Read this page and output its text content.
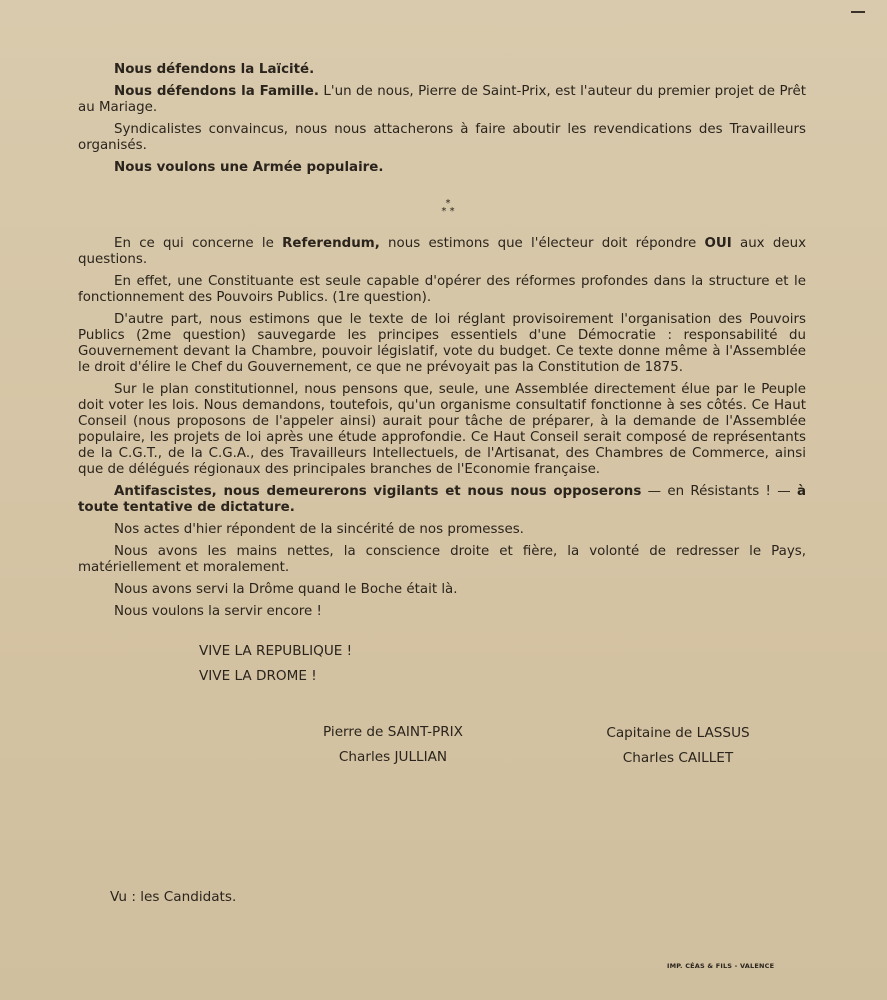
Nous défendons la Laïcité.

Nous défendons la Famille. L'un de nous, Pierre de Saint-Prix, est l'auteur du premier projet de Prêt au Mariage.

Syndicalistes convaincus, nous nous attacherons à faire aboutir les revendications des Travailleurs organisés.

Nous voulons une Armée populaire.

*
* *

En ce qui concerne le Referendum, nous estimons que l'électeur doit répondre OUI aux deux questions.

En effet, une Constituante est seule capable d'opérer des réformes profondes dans la structure et le fonctionnement des Pouvoirs Publics. (1re question).

D'autre part, nous estimons que le texte de loi réglant provisoirement l'organisation des Pouvoirs Publics (2me question) sauvegarde les principes essentiels d'une Démocratie : responsabilité du Gouvernement devant la Chambre, pouvoir législatif, vote du budget. Ce texte donne même à l'Assemblée le droit d'élire le Chef du Gouvernement, ce que ne prévoyait pas la Constitution de 1875.

Sur le plan constitutionnel, nous pensons que, seule, une Assemblée directement élue par le Peuple doit voter les lois. Nous demandons, toutefois, qu'un organisme consultatif fonctionne à ses côtés. Ce Haut Conseil (nous proposons de l'appeler ainsi) aurait pour tâche de préparer, à la demande de l'Assemblée populaire, les projets de loi après une étude approfondie. Ce Haut Conseil serait composé de représentants de la C.G.T., de la C.G.A., des Travailleurs Intellectuels, de l'Artisanat, des Chambres de Commerce, ainsi que de délégués régionaux des principales branches de l'Economie française.

Antifascistes, nous demeurerons vigilants et nous nous opposerons — en Résistants ! — à toute tentative de dictature.

Nos actes d'hier répondent de la sincérité de nos promesses.

Nous avons les mains nettes, la conscience droite et fière, la volonté de redresser le Pays, matériellement et moralement.

Nous avons servi la Drôme quand le Boche était là.

Nous voulons la servir encore !

VIVE LA REPUBLIQUE !
VIVE LA DROME !
Pierre de SAINT-PRIX
Charles JULLIAN
Capitaine de LASSUS
Charles CAILLET
Vu : les Candidats.
IMP. CÉAS & FILS - VALENCE
